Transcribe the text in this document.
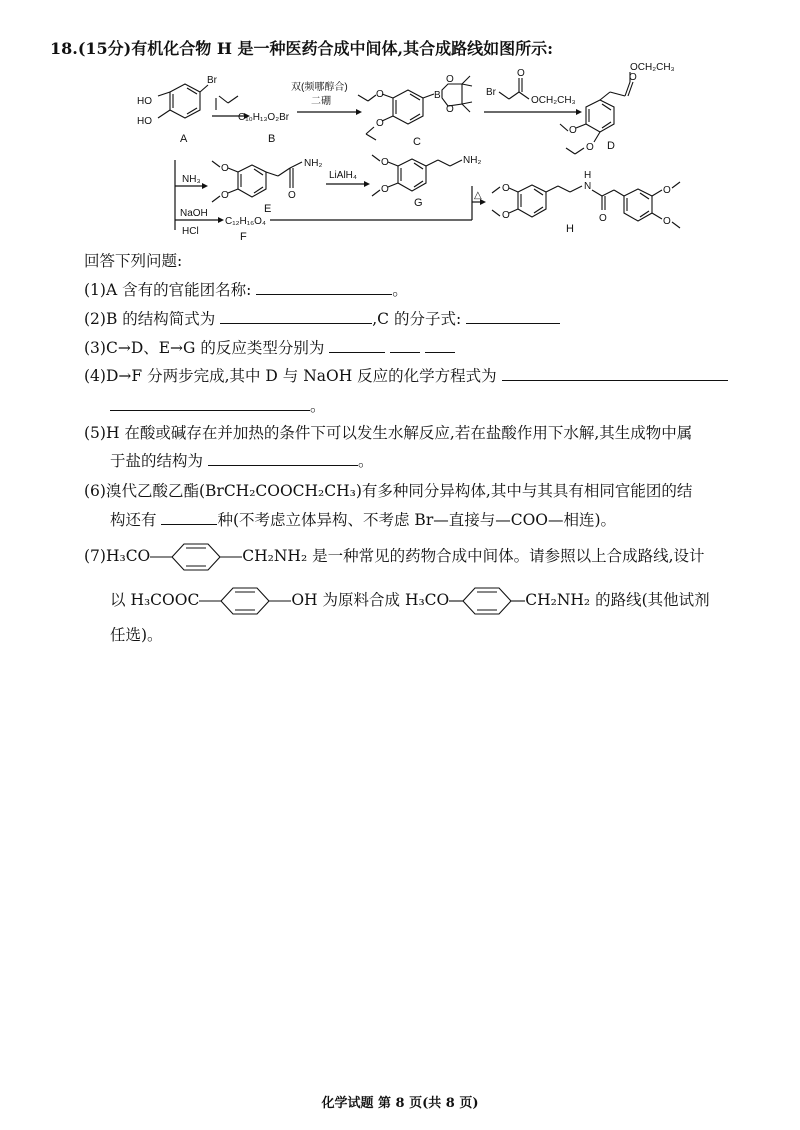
18.(15分)有机化合物 H 是一种医药合成中间体,其合成路线如图所示:
HO
HO
Br
A
C₁₀H₁₃O₂Br
B
双(频哪醇合)
二硼
O
O
B
O
O
C
Br
O
OCH₂CH₃
O
OCH₂CH₃
O
O D
NH₃
O
O	O
NH₂
E
LiAlH₄
O
O
NH₂
G
NaOH
HCl
C₁₂H₁₆O₄
F
△
O
O
N
H
O
O
O
H
回答下列问题:
(1)A 含有的官能团名称:	。
(2)B 的结构简式为	,C 的分子式:
(3)C→D、E→G 的反应类型分别为
(4)D→F 分两步完成,其中 D 与 NaOH 反应的化学方程式为
。
(5)H 在酸或碱存在并加热的条件下可以发生水解反应,若在盐酸作用下水解,其生成物中属
于盐的结构为	。
(6)溴代乙酸乙酯(BrCH₂COOCH₂CH₃)有多种同分异构体,其中与其具有相同官能团的结
构还有	种(不考虑立体异构、不考虑 Br—直接与—COO—相连)。
(7)H₃CO	CH₂NH₂ 是一种常见的药物合成中间体。请参照以上合成路线,设计
以 H₃COOC	OH 为原料合成 H₃CO	CH₂NH₂ 的路线(其他试剂
任选)。
化学试题 第 8 页(共 8 页)
